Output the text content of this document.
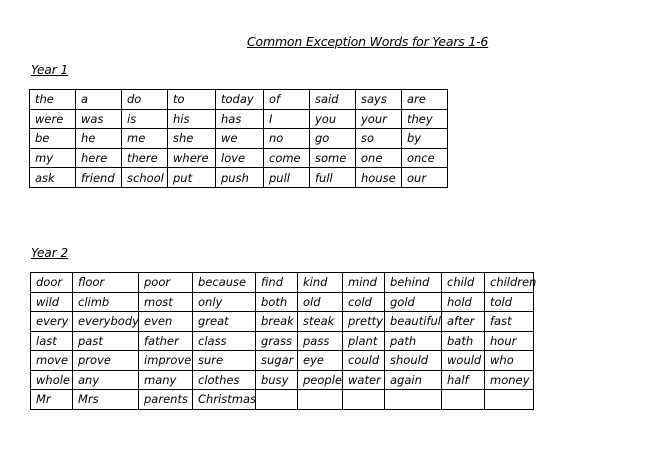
Common Exception Words for Years 1-6
Year 1
the	a	do	to	today	of	said	says	are
were	was	is	his	has	I	you	your	they
be	he	me	she	we	no	go	so	by
my	here	there	where	love	come	some	one	once
ask	friend	school	put	push	pull	full	house	our
Year 2
door	floor	poor	because	find	kind	mind	behind	child	children
wild	climb	most	only	both	old	cold	gold	hold	told
every	everybody	even	great	break	steak	pretty	beautiful	after	fast
last	past	father	class	grass	pass	plant	path	bath	hour
move	prove	improve	sure	sugar	eye	could	should	would	who
whole	any	many	clothes	busy	people	water	again	half	money
Mr	Mrs	parents	Christmas						
